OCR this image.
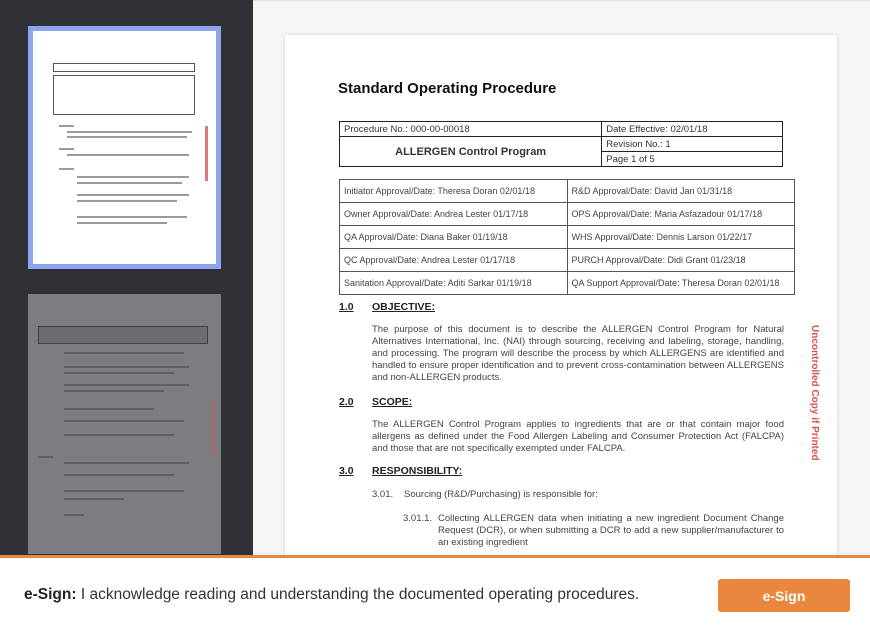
Standard Operating Procedure
Procedure No.: 000-00-00018	Date Effective: 02/01/18
ALLERGEN Control Program	Revision No.: 1
	Page 1 of 5
Initiator Approval/Date: Theresa Doran 02/01/18	R&D Approval/Date: David Jan 01/31/18
Owner Approval/Date: Andrea Lester 01/17/18	OPS Approval/Date: Maria Asfazadour 01/17/18
QA Approval/Date: Diana Baker 01/19/18	WHS Approval/Date: Dennis Larson 01/22/17
QC Approval/Date: Andrea Lester 01/17/18	PURCH Approval/Date: Didi Grant 01/23/18
Sanitation Approval/Date: Aditi Sarkar 01/19/18	QA Support Approval/Date: Theresa Doran 02/01/18
1.0 OBJECTIVE:
The purpose of this document is to describe the ALLERGEN Control Program for Natural Alternatives International, Inc. (NAI) through sourcing, receiving and labeling, storage, handling, and processing. The program will describe the process by which ALLERGENS are identified and handled to ensure proper identification and to prevent cross-contamination between ALLERGENS and non-ALLERGEN products.
2.0 SCOPE:
The ALLERGEN Control Program applies to ingredients that are or that contain major food allergens as defined under the Food Allergen Labeling and Consumer Protection Act (FALCPA) and those that are not specifically exempted under FALCPA.
3.0 RESPONSIBILITY:
3.01. Sourcing (R&D/Purchasing) is responsible for:
3.01.1. Collecting ALLERGEN data when initiating a new ingredient Document Change Request (DCR), or when submitting a DCR to add a new supplier/manufacturer to an existing ingredient
Uncontrolled Copy if Printed
e-Sign: I acknowledge reading and understanding the documented operating procedures.	e-Sign
